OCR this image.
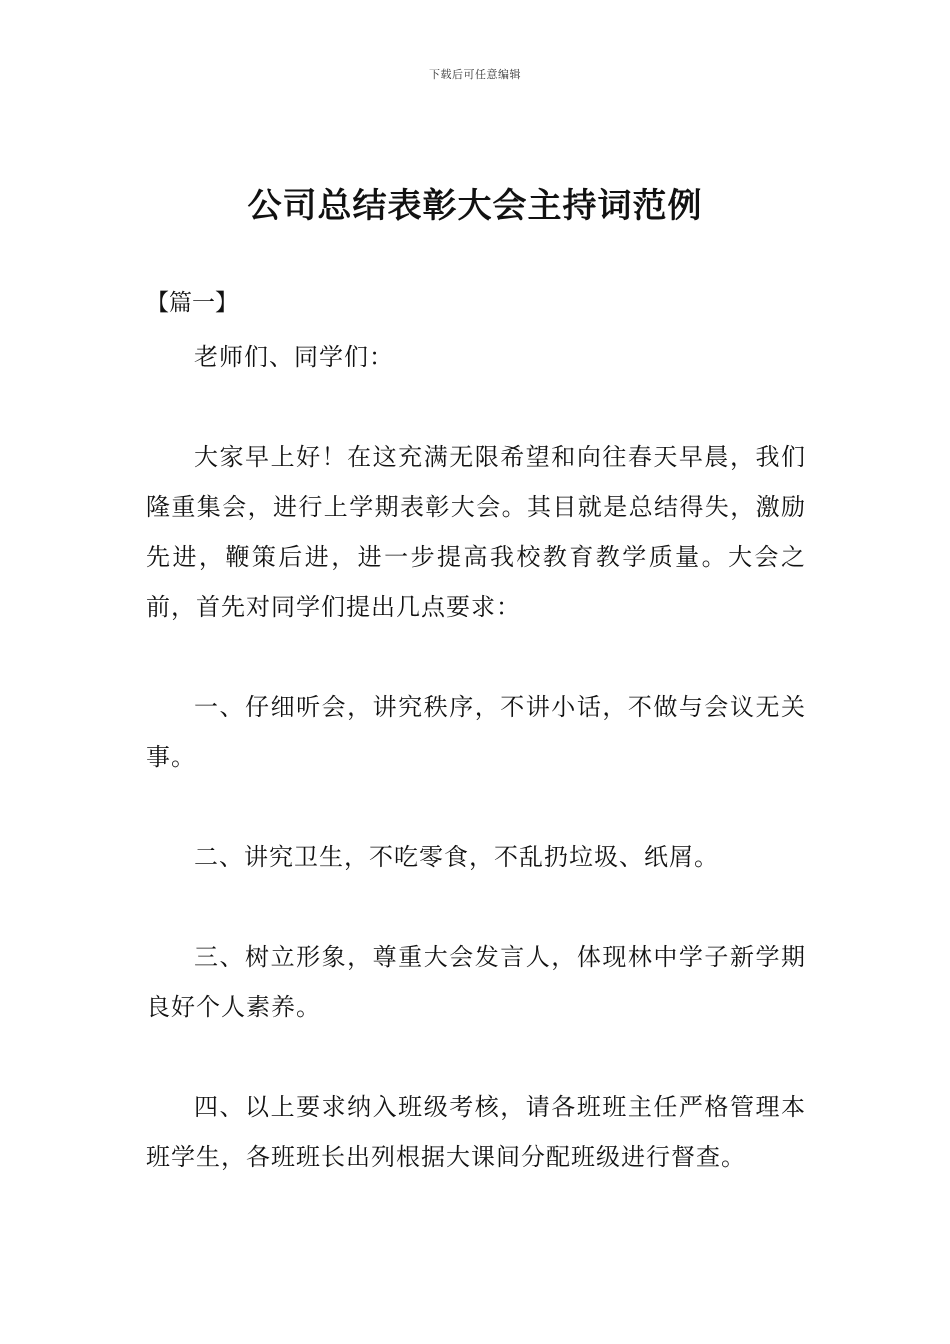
下载后可任意编辑
公司总结表彰大会主持词范例
【篇一】

老师们、同学们：

大家早上好！在这充满无限希望和向往春天早晨，我们隆重集会，进行上学期表彰大会。其目就是总结得失，激励先进，鞭策后进，进一步提高我校教育教学质量。大会之前，首先对同学们提出几点要求：

一、仔细听会，讲究秩序，不讲小话，不做与会议无关事。

二、讲究卫生，不吃零食，不乱扔垃圾、纸屑。

三、树立形象，尊重大会发言人，体现林中学子新学期良好个人素养。

四、以上要求纳入班级考核，请各班班主任严格管理本班学生，各班班长出列根据大课间分配班级进行督查。
